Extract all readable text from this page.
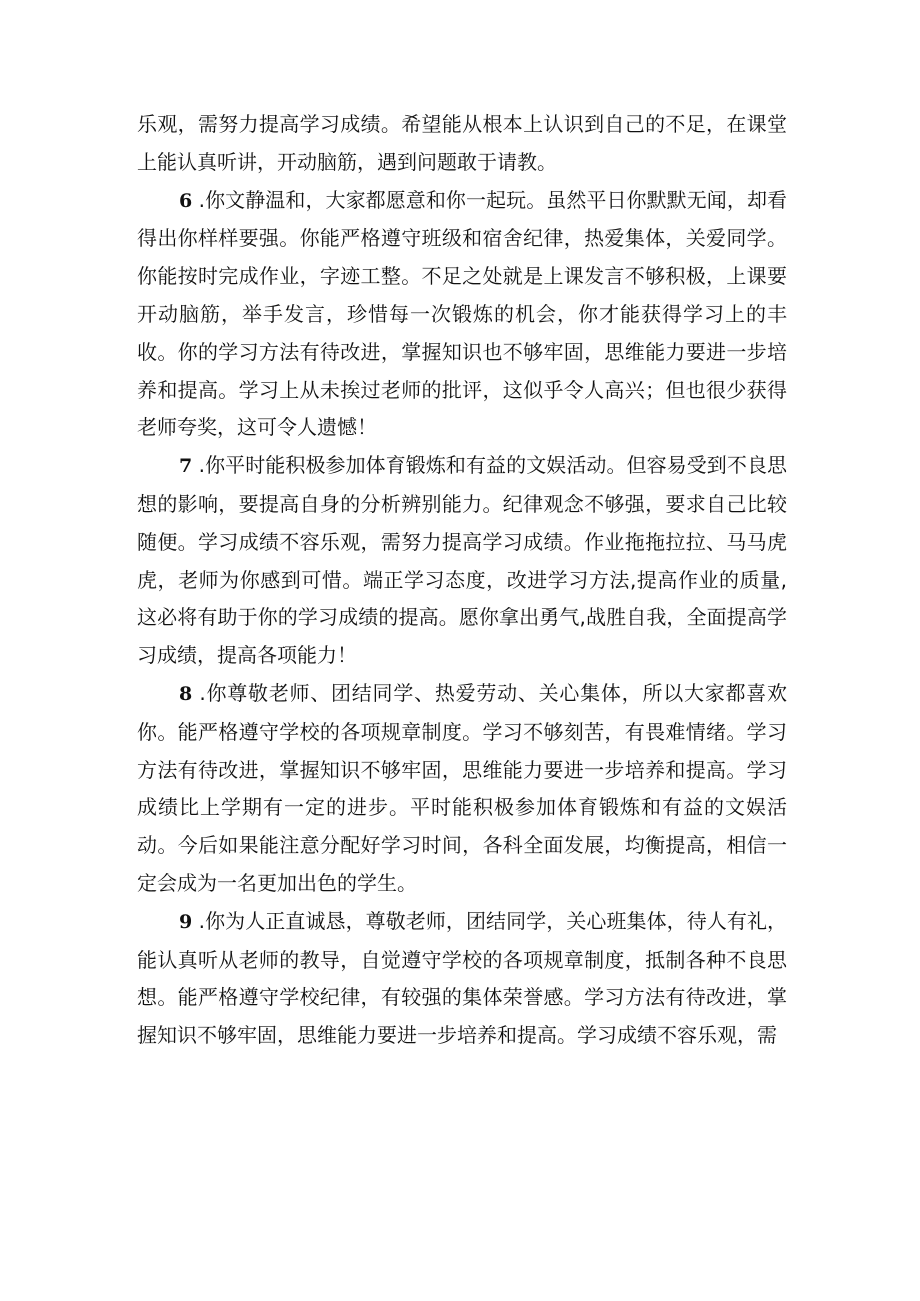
乐观，需努力提高学习成绩。希望能从根本上认识到自己的不足，在课堂上能认真听讲，开动脑筋，遇到问题敢于请教。

6 .你文静温和，大家都愿意和你一起玩。虽然平日你默默无闻，却看得出你样样要强。你能严格遵守班级和宿舍纪律，热爱集体，关爱同学。你能按时完成作业，字迹工整。不足之处就是上课发言不够积极，上课要开动脑筋，举手发言，珍惜每一次锻炼的机会，你才能获得学习上的丰收。你的学习方法有待改进，掌握知识也不够牢固，思维能力要进一步培养和提高。学习上从未挨过老师的批评，这似乎令人高兴；但也很少获得老师夸奖，这可令人遗憾！

7 .你平时能积极参加体育锻炼和有益的文娱活动。但容易受到不良思想的影响，要提高自身的分析辨别能力。纪律观念不够强，要求自己比较随便。学习成绩不容乐观，需努力提高学习成绩。作业拖拖拉拉、马马虎虎，老师为你感到可惜。端正学习态度，改进学习方法,提高作业的质量,这必将有助于你的学习成绩的提高。愿你拿出勇气,战胜自我，全面提高学习成绩，提高各项能力！

8 .你尊敬老师、团结同学、热爱劳动、关心集体，所以大家都喜欢你。能严格遵守学校的各项规章制度。学习不够刻苦，有畏难情绪。学习方法有待改进，掌握知识不够牢固，思维能力要进一步培养和提高。学习成绩比上学期有一定的进步。平时能积极参加体育锻炼和有益的文娱活动。今后如果能注意分配好学习时间，各科全面发展，均衡提高，相信一定会成为一名更加出色的学生。

9 .你为人正直诚恳，尊敬老师，团结同学，关心班集体，待人有礼，能认真听从老师的教导，自觉遵守学校的各项规章制度，抵制各种不良思想。能严格遵守学校纪律，有较强的集体荣誉感。学习方法有待改进，掌握知识不够牢固，思维能力要进一步培养和提高。学习成绩不容乐观，需
